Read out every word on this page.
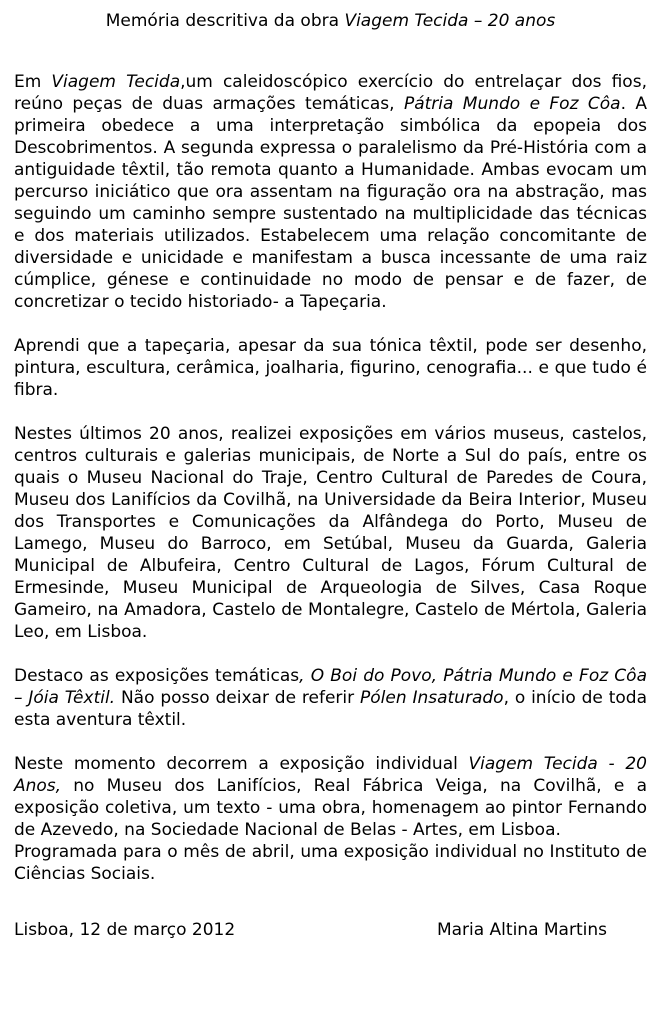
Memória descritiva da obra Viagem Tecida – 20 anos

Em Viagem Tecida,um caleidoscópico exercício do entrelaçar dos fios, reúno peças de duas armações temáticas, Pátria Mundo e Foz Côa. A primeira obedece a uma interpretação simbólica da epopeia dos Descobrimentos. A segunda expressa o paralelismo da Pré-História com a antiguidade têxtil, tão remota quanto a Humanidade. Ambas evocam um percurso iniciático que ora assentam na figuração ora na abstração, mas seguindo um caminho sempre sustentado na multiplicidade das técnicas e dos materiais utilizados. Estabelecem uma relação concomitante de diversidade e unicidade e manifestam a busca incessante de uma raiz cúmplice, génese e continuidade no modo de pensar e de fazer, de concretizar o tecido historiado- a Tapeçaria.

Aprendi que a tapeçaria, apesar da sua tónica têxtil, pode ser desenho, pintura, escultura, cerâmica, joalharia, figurino, cenografia... e que tudo é fibra.

Nestes últimos 20 anos, realizei exposições em vários museus, castelos, centros culturais e galerias municipais, de Norte a Sul do país, entre os quais o Museu Nacional do Traje, Centro Cultural de Paredes de Coura, Museu dos Lanifícios da Covilhã, na Universidade da Beira Interior, Museu dos Transportes e Comunicações da Alfândega do Porto, Museu de Lamego, Museu do Barroco, em Setúbal, Museu da Guarda, Galeria Municipal de Albufeira, Centro Cultural de Lagos, Fórum Cultural de Ermesinde, Museu Municipal de Arqueologia de Silves, Casa Roque Gameiro, na Amadora, Castelo de Montalegre, Castelo de Mértola, Galeria Leo, em Lisboa.

Destaco as exposições temáticas, O Boi do Povo, Pátria Mundo e Foz Côa – Jóia Têxtil. Não posso deixar de referir Pólen Insaturado, o início de toda esta aventura têxtil.

Neste momento decorrem a exposição individual Viagem Tecida - 20 Anos, no Museu dos Lanifícios, Real Fábrica Veiga, na Covilhã, e a exposição coletiva, um texto - uma obra, homenagem ao pintor Fernando de Azevedo, na Sociedade Nacional de Belas - Artes, em Lisboa.

Programada para o mês de abril, uma exposição individual no Instituto de Ciências Sociais.

Lisboa, 12 de março 2012	Maria Altina Martins
